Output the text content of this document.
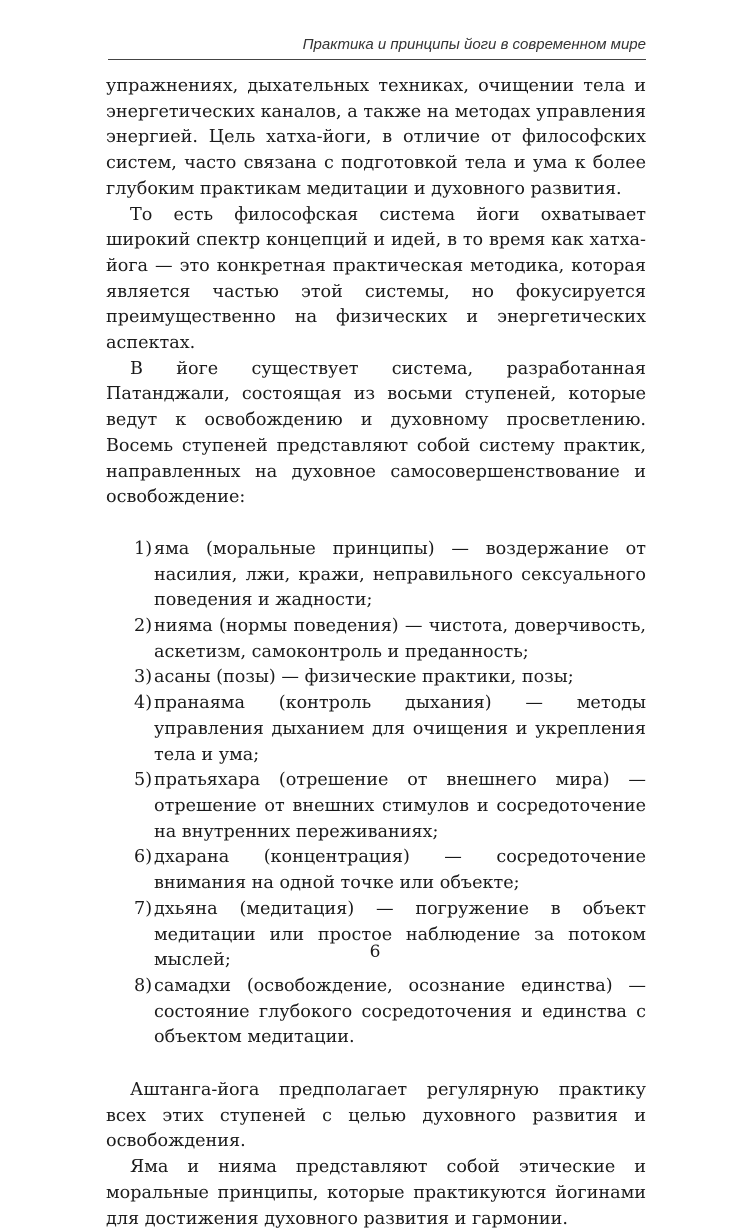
Практика и принципы йоги в современном мире

упражнениях, дыхательных техниках, очищении тела и энергетических каналов, а также на методах управления энергией. Цель хатха-йоги, в отличие от философских систем, часто связана с подготовкой тела и ума к более глубоким практикам медитации и духовного развития.

То есть философская система йоги охватывает широкий спектр концепций и идей, в то время как хатха-йога — это конкретная практическая методика, которая является частью этой системы, но фокусируется преимущественно на физических и энергетических аспектах.

В йоге существует система, разработанная Патанджали, состоящая из восьми ступеней, которые ведут к освобождению и духовному просветлению. Восемь ступеней представляют собой систему практик, направленных на духовное самосовершенствование и освобождение:

1) яма (моральные принципы) — воздержание от насилия, лжи, кражи, неправильного сексуального поведения и жадности;
2) нияма (нормы поведения) — чистота, доверчивость, аскетизм, самоконтроль и преданность;
3) асаны (позы) — физические практики, позы;
4) пранаяма (контроль дыхания) — методы управления дыханием для очищения и укрепления тела и ума;
5) пратьяхара (отрешение от внешнего мира) — отрешение от внешних стимулов и сосредоточение на внутренних переживаниях;
6) дхарана (концентрация) — сосредоточение внимания на одной точке или объекте;
7) дхьяна (медитация) — погружение в объект медитации или простое наблюдение за потоком мыслей;
8) самадхи (освобождение, осознание единства) — состояние глубокого сосредоточения и единства с объектом медитации.

Аштанга-йога предполагает регулярную практику всех этих ступеней с целью духовного развития и освобождения.

Яма и нияма представляют собой этические и моральные принципы, которые практикуются йогинами для достижения духовного развития и гармонии.

6
